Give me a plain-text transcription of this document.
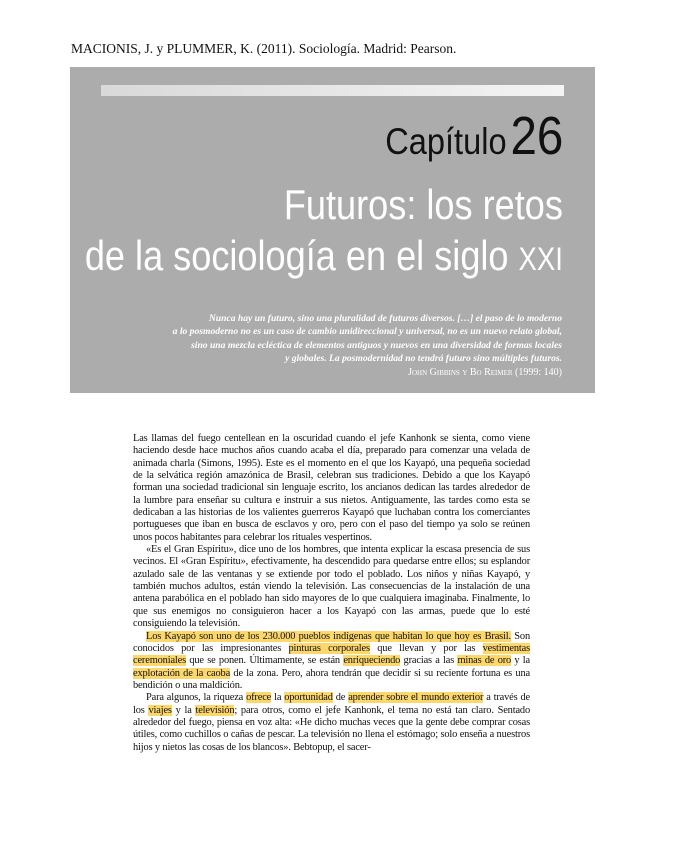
MACIONIS, J. y PLUMMER, K. (2011). Sociología. Madrid: Pearson.
Capítulo 26
Futuros: los retos
de la sociología en el siglo XXI
Nunca hay un futuro, sino una pluralidad de futuros diversos. […] el paso de lo moderno
a lo posmoderno no es un caso de cambio unidireccional y universal, no es un nuevo relato global,
sino una mezcla ecléctica de elementos antiguos y nuevos en una diversidad de formas locales
y globales. La posmodernidad no tendrá futuro sino múltiples futuros.
John Gibbins y Bo Reimer (1999: 140)

Las llamas del fuego centellean en la oscuridad cuando el jefe Kanhonk se sienta, como viene haciendo desde hace muchos años cuando acaba el día, preparado para comenzar una velada de animada charla (Simons, 1995). Este es el momento en el que los Kayapó, una pequeña sociedad de la selvática región amazónica de Brasil, celebran sus tradiciones. Debido a que los Kayapó forman una sociedad tradicional sin lenguaje escrito, los ancianos dedican las tardes alrededor de la lumbre para enseñar su cultura e instruir a sus nietos. Antiguamente, las tardes como esta se dedicaban a las historias de los valientes guerreros Kayapó que luchaban contra los comerciantes portugueses que iban en busca de esclavos y oro, pero con el paso del tiempo ya solo se reúnen unos pocos habitantes para celebrar los rituales vespertinos.

«Es el Gran Espíritu», dice uno de los hombres, que intenta explicar la escasa presencia de sus vecinos. El «Gran Espíritu», efectivamente, ha descendido para quedarse entre ellos; su esplandor azulado sale de las ventanas y se extiende por todo el poblado. Los niños y niñas Kayapó, y también muchos adultos, están viendo la televisión. Las consecuencias de la instalación de una antena parabólica en el poblado han sido mayores de lo que cualquiera imaginaba. Finalmente, lo que sus enemigos no consiguieron hacer a los Kayapó con las armas, puede que lo esté consiguiendo la televisión.

Los Kayapó son uno de los 230.000 pueblos indígenas que habitan lo que hoy es Brasil. Son conocidos por las impresionantes pinturas corporales que llevan y por las vestimentas ceremoniales que se ponen. Últimamente, se están enriqueciendo gracias a las minas de oro y la explotación de la caoba de la zona. Pero, ahora tendrán que decidir si su reciente fortuna es una bendición o una maldición.

Para algunos, la riqueza ofrece la oportunidad de aprender sobre el mundo exterior a través de los viajes y la televisión; para otros, como el jefe Kanhonk, el tema no está tan claro. Sentado alrededor del fuego, piensa en voz alta: «He dicho muchas veces que la gente debe comprar cosas útiles, como cuchillos o cañas de pescar. La televisión no llena el estómago; solo enseña a nuestros hijos y nietos las cosas de los blancos». Bebtopup, el sacer-
